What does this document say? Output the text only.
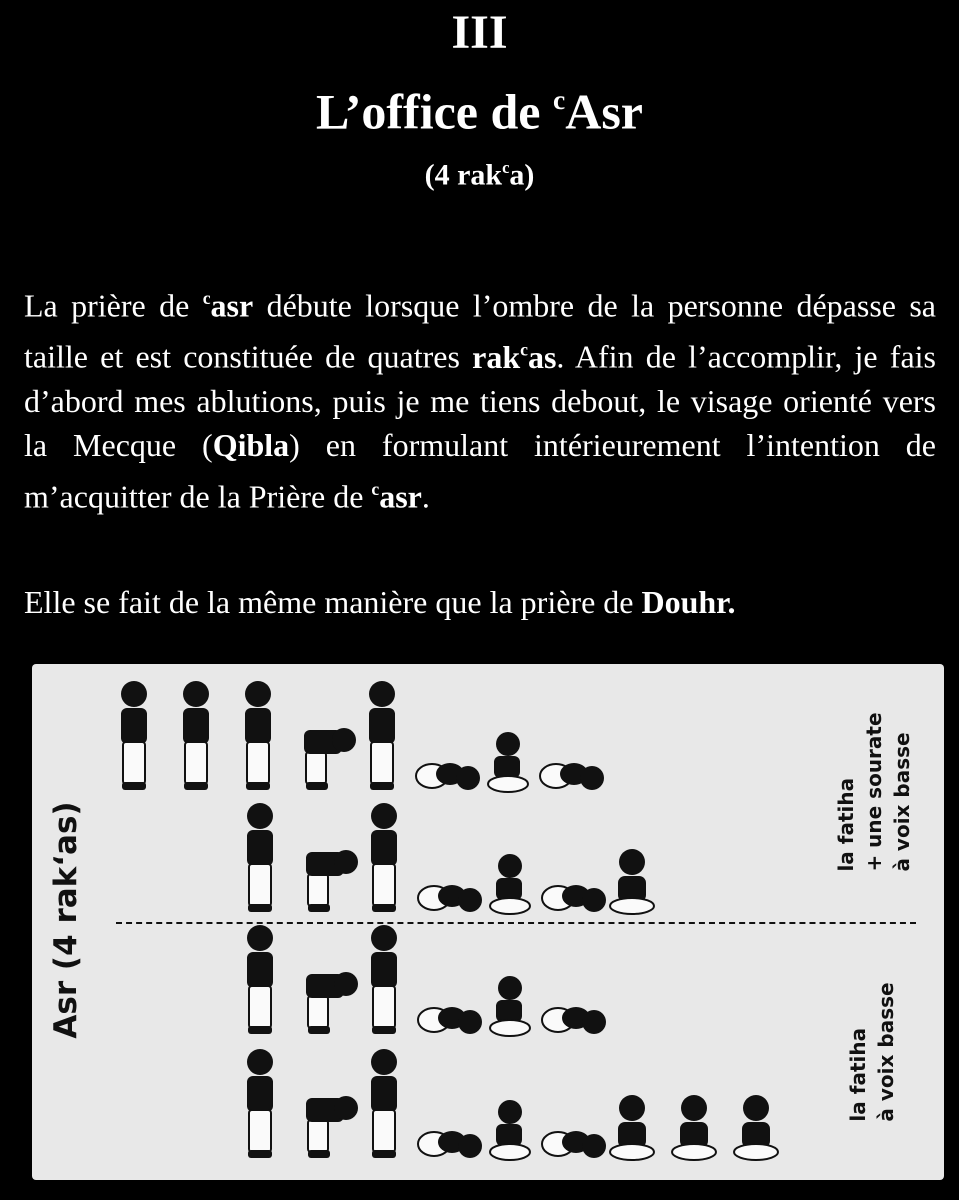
III
L’office de $^c$Asr
(4 rak$^c$a)
La prière de $^c$asr débute lorsque l’ombre de la personne dépasse sa taille et est constituée de quatres rak$^c$as. Afin de l’accomplir, je fais d’abord mes ablutions, puis je me tiens debout, le visage orienté vers la Mecque (Qibla) en formulant intérieurement l’intention de m’acquitter de la Prière de $^c$asr.
Elle se fait de la même manière que la prière de Douhr.
Asr (4 rak‘as)	la fatiha + une sourate à voix basse
la fatiha à voix basse
